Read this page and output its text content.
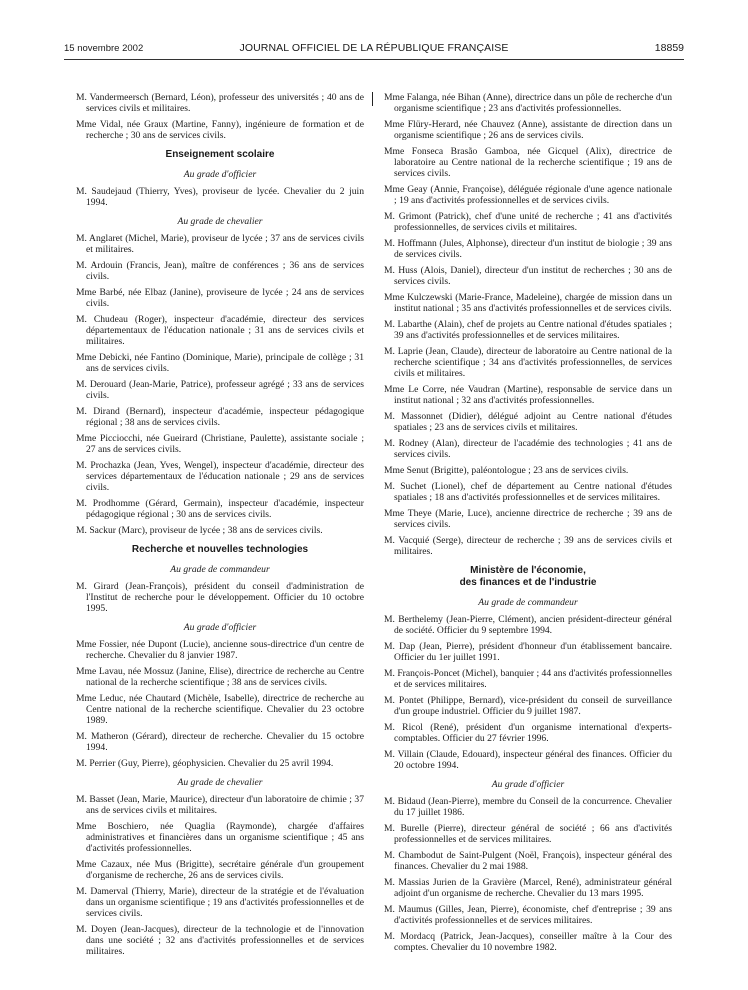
15 novembre 2002	JOURNAL OFFICIEL DE LA RÉPUBLIQUE FRANÇAISE	18859
M. Vandermeersch (Bernard, Léon), professeur des universités ; 40 ans de services civils et militaires.
Mme Vidal, née Graux (Martine, Fanny), ingénieure de formation et de recherche ; 30 ans de services civils.
Enseignement scolaire
Au grade d'officier
M. Saudejaud (Thierry, Yves), proviseur de lycée. Chevalier du 2 juin 1994.
Au grade de chevalier
M. Anglaret (Michel, Marie), proviseur de lycée ; 37 ans de services civils et militaires.
M. Ardouin (Francis, Jean), maître de conférences ; 36 ans de services civils.
Mme Barbé, née Elbaz (Janine), proviseure de lycée ; 24 ans de services civils.
M. Chudeau (Roger), inspecteur d'académie, directeur des services départementaux de l'éducation nationale ; 31 ans de services civils et militaires.
Mme Debicki, née Fantino (Dominique, Marie), principale de collège ; 31 ans de services civils.
M. Derouard (Jean-Marie, Patrice), professeur agrégé ; 33 ans de services civils.
M. Dirand (Bernard), inspecteur d'académie, inspecteur pédagogique régional ; 38 ans de services civils.
Mme Picciocchi, née Gueirard (Christiane, Paulette), assistante sociale ; 27 ans de services civils.
M. Prochazka (Jean, Yves, Wengel), inspecteur d'académie, directeur des services départementaux de l'éducation nationale ; 29 ans de services civils.
M. Prodhomme (Gérard, Germain), inspecteur d'académie, inspecteur pédagogique régional ; 30 ans de services civils.
M. Sackur (Marc), proviseur de lycée ; 38 ans de services civils.
Recherche et nouvelles technologies
Au grade de commandeur
M. Girard (Jean-François), président du conseil d'administration de l'Institut de recherche pour le développement. Officier du 10 octobre 1995.
Au grade d'officier
Mme Fossier, née Dupont (Lucie), ancienne sous-directrice d'un centre de recherche. Chevalier du 8 janvier 1987.
Mme Lavau, née Mossuz (Janine, Elise), directrice de recherche au Centre national de la recherche scientifique ; 38 ans de services civils.
Mme Leduc, née Chautard (Michèle, Isabelle), directrice de recherche au Centre national de la recherche scientifique. Chevalier du 23 octobre 1989.
M. Matheron (Gérard), directeur de recherche. Chevalier du 15 octobre 1994.
M. Perrier (Guy, Pierre), géophysicien. Chevalier du 25 avril 1994.
Au grade de chevalier
M. Basset (Jean, Marie, Maurice), directeur d'un laboratoire de chimie ; 37 ans de services civils et militaires.
Mme Boschiero, née Quaglia (Raymonde), chargée d'affaires administratives et financières dans un organisme scientifique ; 45 ans d'activités professionnelles.
Mme Cazaux, née Mus (Brigitte), secrétaire générale d'un groupement d'organisme de recherche, 26 ans de services civils.
M. Damerval (Thierry, Marie), directeur de la stratégie et de l'évaluation dans un organisme scientifique ; 19 ans d'activités professionnelles et de services civils.
M. Doyen (Jean-Jacques), directeur de la technologie et de l'innovation dans une société ; 32 ans d'activités professionnelles et de services militaires.
Mme Falanga, née Bihan (Anne), directrice dans un pôle de recherche d'un organisme scientifique ; 23 ans d'activités professionnelles.
Mme Flüry-Herard, née Chauvez (Anne), assistante de direction dans un organisme scientifique ; 26 ans de services civils.
Mme Fonseca Brasão Gamboa, née Gicquel (Alix), directrice de laboratoire au Centre national de la recherche scientifique ; 19 ans de services civils.
Mme Geay (Annie, Françoise), déléguée régionale d'une agence nationale ; 19 ans d'activités professionnelles et de services civils.
M. Grimont (Patrick), chef d'une unité de recherche ; 41 ans d'activités professionnelles, de services civils et militaires.
M. Hoffmann (Jules, Alphonse), directeur d'un institut de biologie ; 39 ans de services civils.
M. Huss (Alois, Daniel), directeur d'un institut de recherches ; 30 ans de services civils.
Mme Kulczewski (Marie-France, Madeleine), chargée de mission dans un institut national ; 35 ans d'activités professionnelles et de services civils.
M. Labarthe (Alain), chef de projets au Centre national d'études spatiales ; 39 ans d'activités professionnelles et de services militaires.
M. Laprie (Jean, Claude), directeur de laboratoire au Centre national de la recherche scientifique ; 34 ans d'activités professionnelles, de services civils et militaires.
Mme Le Corre, née Vaudran (Martine), responsable de service dans un institut national ; 32 ans d'activités professionnelles.
M. Massonnet (Didier), délégué adjoint au Centre national d'études spatiales ; 23 ans de services civils et militaires.
M. Rodney (Alan), directeur de l'académie des technologies ; 41 ans de services civils.
Mme Senut (Brigitte), paléontologue ; 23 ans de services civils.
M. Suchet (Lionel), chef de département au Centre national d'études spatiales ; 18 ans d'activités professionnelles et de services militaires.
Mme Theye (Marie, Luce), ancienne directrice de recherche ; 39 ans de services civils.
M. Vacquié (Serge), directeur de recherche ; 39 ans de services civils et militaires.
Ministère de l'économie,
des finances et de l'industrie
Au grade de commandeur
M. Berthelemy (Jean-Pierre, Clément), ancien président-directeur général de société. Officier du 9 septembre 1994.
M. Dap (Jean, Pierre), président d'honneur d'un établissement bancaire. Officier du 1er juillet 1991.
M. François-Poncet (Michel), banquier ; 44 ans d'activités professionnelles et de services militaires.
M. Pontet (Philippe, Bernard), vice-président du conseil de surveillance d'un groupe industriel. Officier du 9 juillet 1987.
M. Ricol (René), président d'un organisme international d'experts-comptables. Officier du 27 février 1996.
M. Villain (Claude, Edouard), inspecteur général des finances. Officier du 20 octobre 1994.
Au grade d'officier
M. Bidaud (Jean-Pierre), membre du Conseil de la concurrence. Chevalier du 17 juillet 1986.
M. Burelle (Pierre), directeur général de société ; 66 ans d'activités professionnelles et de services militaires.
M. Chambodut de Saint-Pulgent (Noël, François), inspecteur général des finances. Chevalier du 2 mai 1988.
M. Massias Jurien de la Gravière (Marcel, René), administrateur général adjoint d'un organisme de recherche. Chevalier du 13 mars 1995.
M. Maumus (Gilles, Jean, Pierre), économiste, chef d'entreprise ; 39 ans d'activités professionnelles et de services militaires.
M. Mordacq (Patrick, Jean-Jacques), conseiller maître à la Cour des comptes. Chevalier du 10 novembre 1982.
